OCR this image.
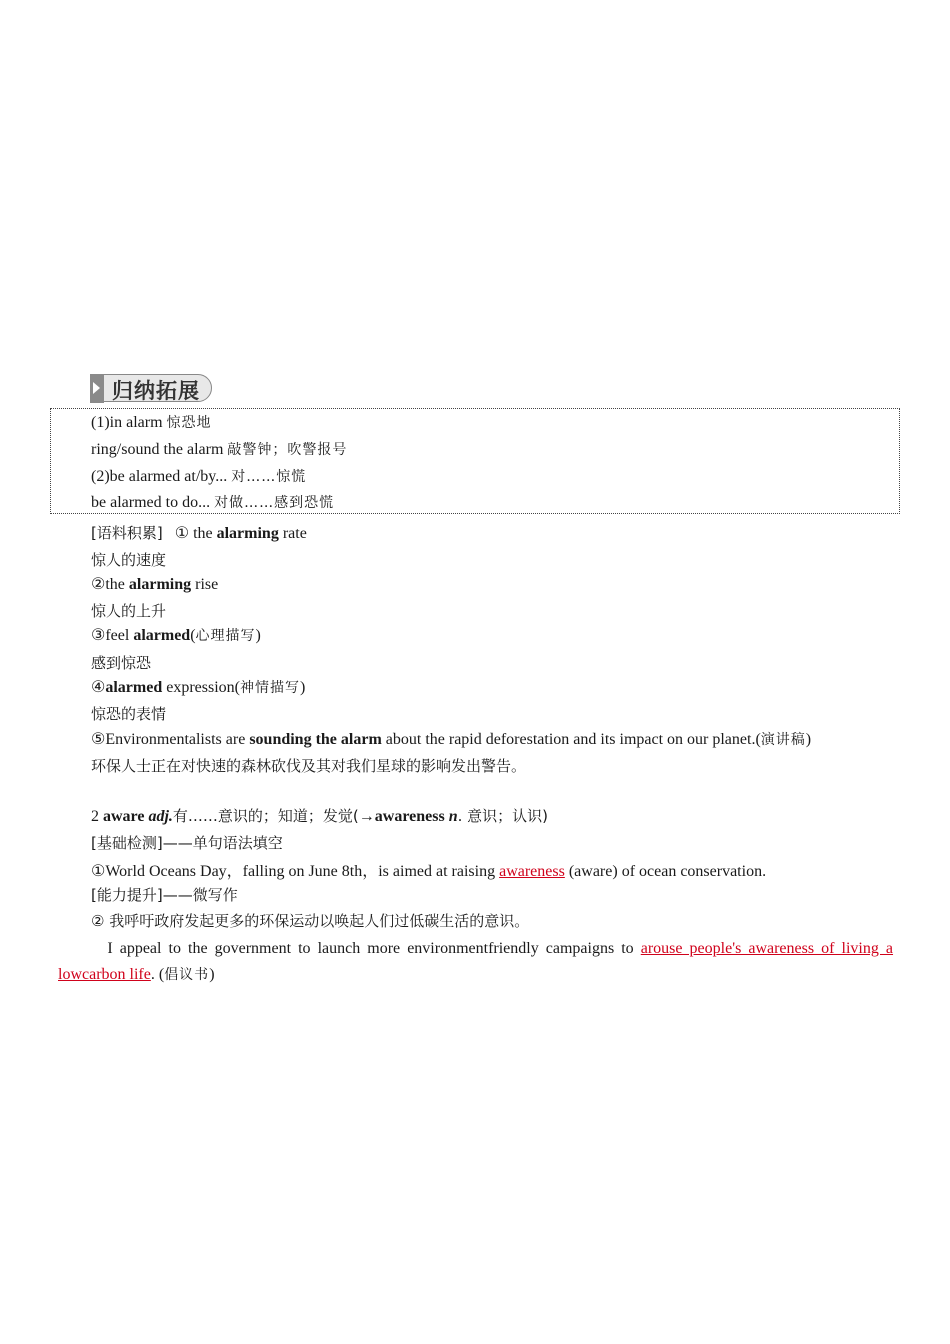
归纳拓展
(1)in alarm 惊恐地
ring/sound the alarm 敲警钟；吹警报号
(2)be alarmed at/by... 对……惊慌
be alarmed to do... 对做……感到恐慌
[语料积累] ① the alarming rate
惊人的速度
②the alarming rise
惊人的上升
③feel alarmed(心理描写)
感到惊恐
④alarmed expression(神情描写)
惊恐的表情
⑤Environmentalists are sounding the alarm about the rapid deforestation and its impact on our planet.(演讲稿)
环保人士正在对快速的森林砍伐及其对我们星球的影响发出警告。
2 aware adj.有……意识的；知道；发觉(→awareness n. 意识；认识)
[基础检测]——单句语法填空
①World Oceans Day，falling on June 8th，is aimed at raising awareness (aware) of ocean conservation.
[能力提升]——微写作
② 我呼吁政府发起更多的环保运动以唤起人们过低碳生活的意识。
I appeal to the government to launch more environmentfriendly campaigns to arouse people's awareness of living a lowcarbon life. (倡议书)
